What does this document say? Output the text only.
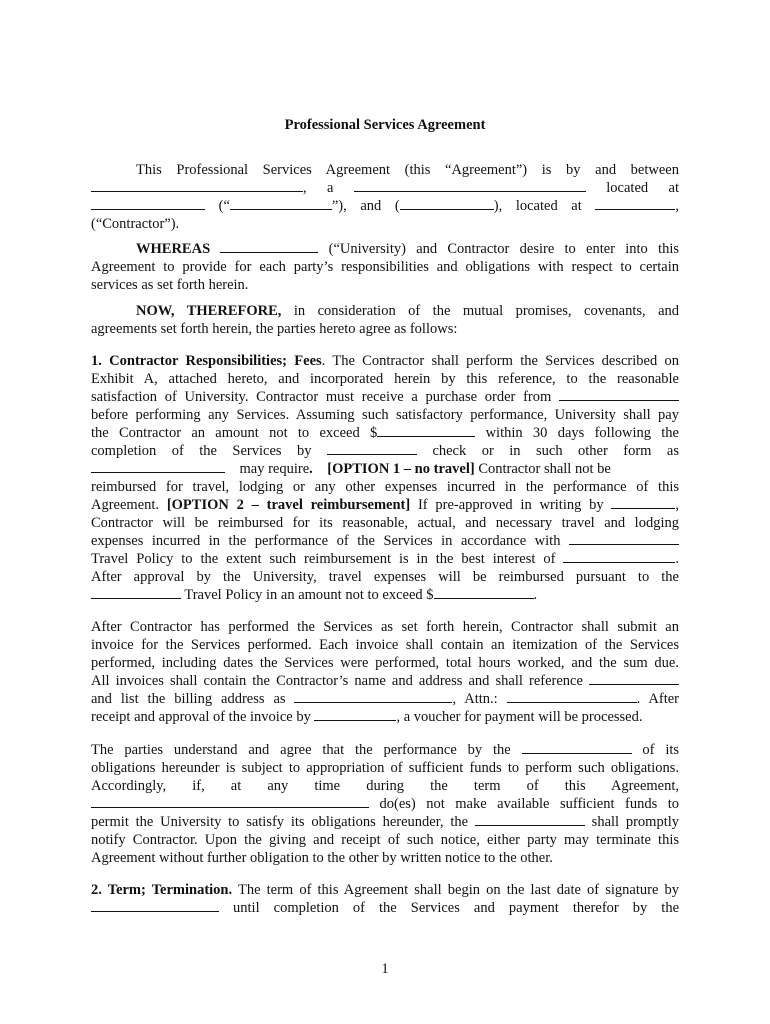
Professional Services Agreement
This Professional Services Agreement (this “Agreement”) is by and between
, a	located at
(“	”), and (	), located at	,
(“Contractor”).
WHEREAS	(“University) and Contractor desire to enter into this
Agreement to provide for each party’s responsibilities and obligations with respect to certain
services as set forth herein.
NOW, THEREFORE, in consideration of the mutual promises, covenants, and
agreements set forth herein, the parties hereto agree as follows:
1. Contractor Responsibilities; Fees. The Contractor shall perform the Services described on
Exhibit A, attached hereto, and incorporated herein by this reference, to the reasonable
satisfaction of University. Contractor must receive a purchase order from
before performing any Services. Assuming such satisfactory performance, University shall pay
the Contractor an amount not to exceed $	within 30 days following the
completion of the Services by	check or in such other form as
may require. [OPTION 1 – no travel] Contractor shall not be
reimbursed for travel, lodging or any other expenses incurred in the performance of this
Agreement. [OPTION 2 – travel reimbursement] If pre-approved in writing by	,
Contractor will be reimbursed for its reasonable, actual, and necessary travel and lodging
expenses incurred in the performance of the Services in accordance with
Travel Policy to the extent such reimbursement is in the best interest of	.
After approval by the University, travel expenses will be reimbursed pursuant to the
Travel Policy in an amount not to exceed $	.
After Contractor has performed the Services as set forth herein, Contractor shall submit an
invoice for the Services performed. Each invoice shall contain an itemization of the Services
performed, including dates the Services were performed, total hours worked, and the sum due.
All invoices shall contain the Contractor’s name and address and shall reference
and list the billing address as	, Attn.:	. After
receipt and approval of the invoice by	, a voucher for payment will be processed.
The parties understand and agree that the performance by the	of its
obligations hereunder is subject to appropriation of sufficient funds to perform such obligations.
Accordingly, if, at any time during the term of this Agreement,
do(es) not make available sufficient funds to
permit the University to satisfy its obligations hereunder, the	shall promptly
notify Contractor. Upon the giving and receipt of such notice, either party may terminate this
Agreement without further obligation to the other by written notice to the other.
2. Term; Termination. The term of this Agreement shall begin on the last date of signature by
until completion of the Services and payment therefor by the
1
